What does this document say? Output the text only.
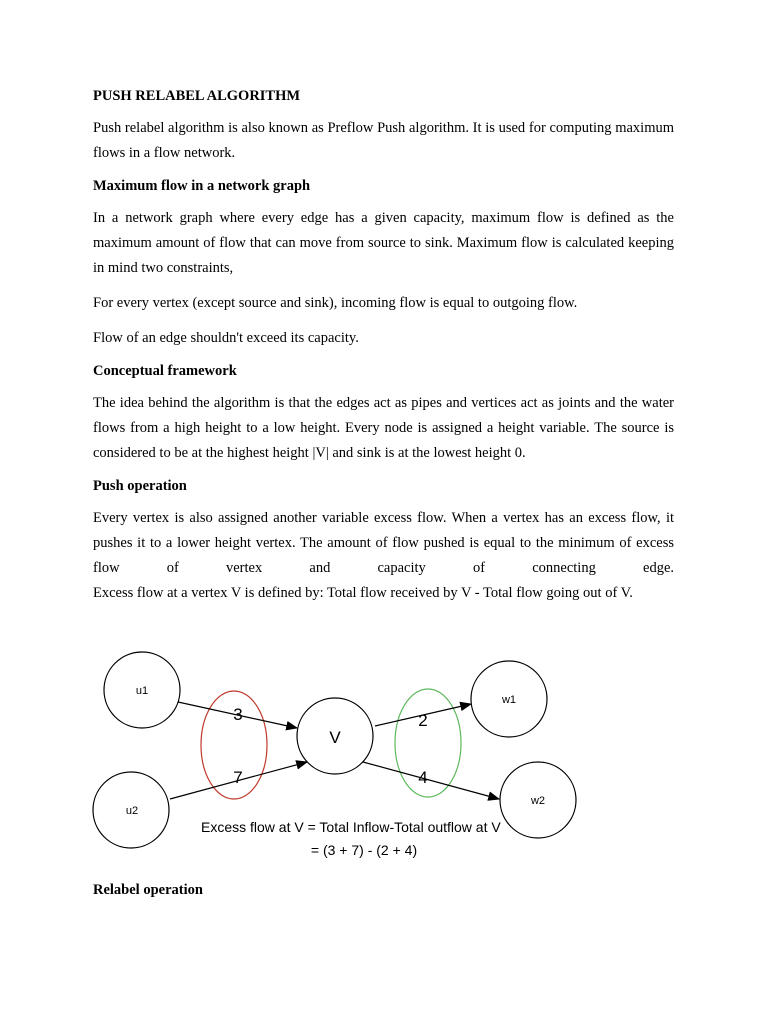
PUSH RELABEL ALGORITHM
Push relabel algorithm is also known as Preflow Push algorithm. It is used for computing maximum flows in a flow network.
Maximum flow in a network graph
In a network graph where every edge has a given capacity, maximum flow is defined as the maximum amount of flow that can move from source to sink. Maximum flow is calculated keeping in mind two constraints,
For every vertex (except source and sink), incoming flow is equal to outgoing flow.
Flow of an edge shouldn't exceed its capacity.
Conceptual framework
The idea behind the algorithm is that the edges act as pipes and vertices act as joints and the water flows from a high height to a low height. Every node is assigned a height variable. The source is considered to be at the highest height |V| and sink is at the lowest height 0.
Push operation
Every vertex is also assigned another variable excess flow. When a vertex has an excess flow, it pushes it to a lower height vertex. The amount of flow pushed is equal to the minimum of excess flow of vertex and capacity of connecting edge.
Excess flow at a vertex V is defined by: Total flow received by V - Total flow going out of V.
u1
u2
V
w1
w2
3
7
2
4
Excess flow at V = Total Inflow-Total outflow at V
= (3 + 7) - (2 + 4)
Relabel operation
